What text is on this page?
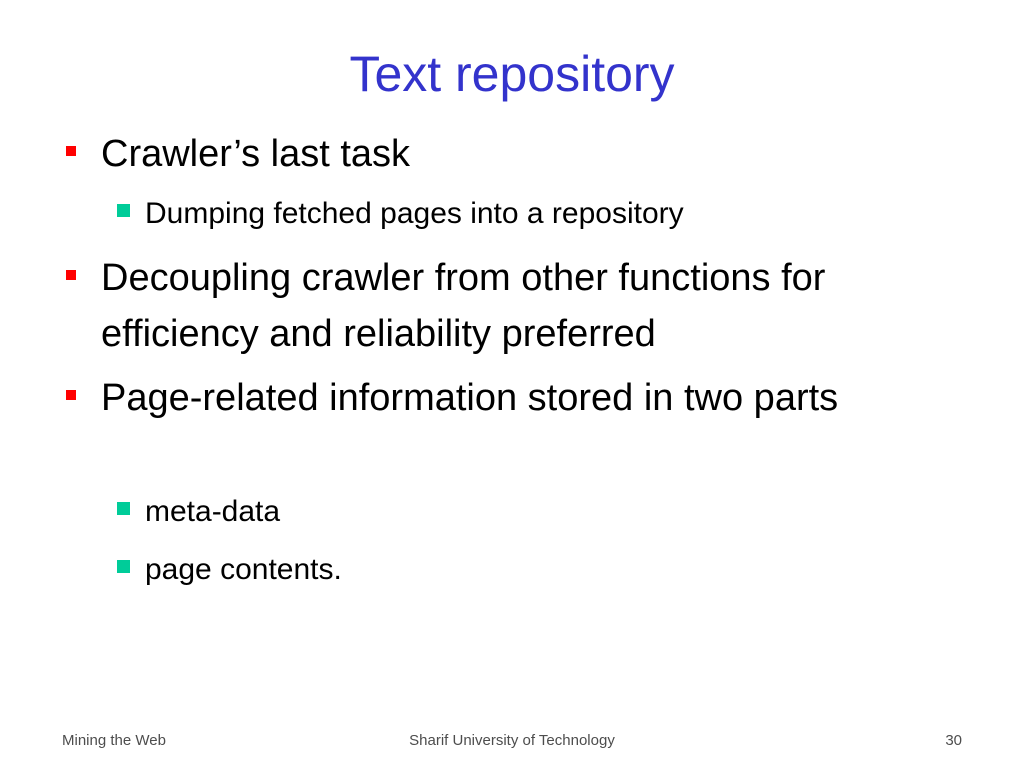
Text repository
Crawler’s last task
Dumping fetched pages into a repository
Decoupling crawler from other functions for efficiency and reliability preferred
Page-related information stored in two parts
meta-data
page contents.
Mining the Web	Sharif University of Technology	30
